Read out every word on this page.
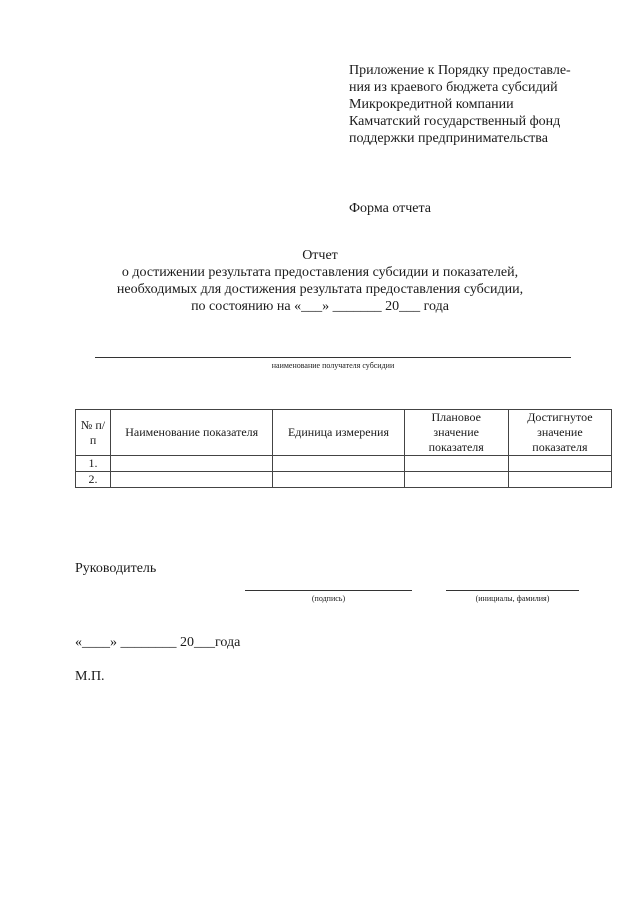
Приложение к Порядку предоставле-
ния из краевого бюджета субсидий
Микрокредитной компании
Камчатский государственный фонд
поддержки предпринимательства
Форма отчета
Отчет
о достижении результата предоставления субсидии и показателей,
необходимых для достижения результата предоставления субсидии,
по состоянию на «___» _______ 20___ года
наименование получателя субсидии
№ п/п	Наименование показателя	Единица измерения	Плановое значение показателя	Достигнутое значение показателя
1.				
2.				
Руководитель
(подпись)	(инициалы, фамилия)
«____» ________ 20___года
М.П.
